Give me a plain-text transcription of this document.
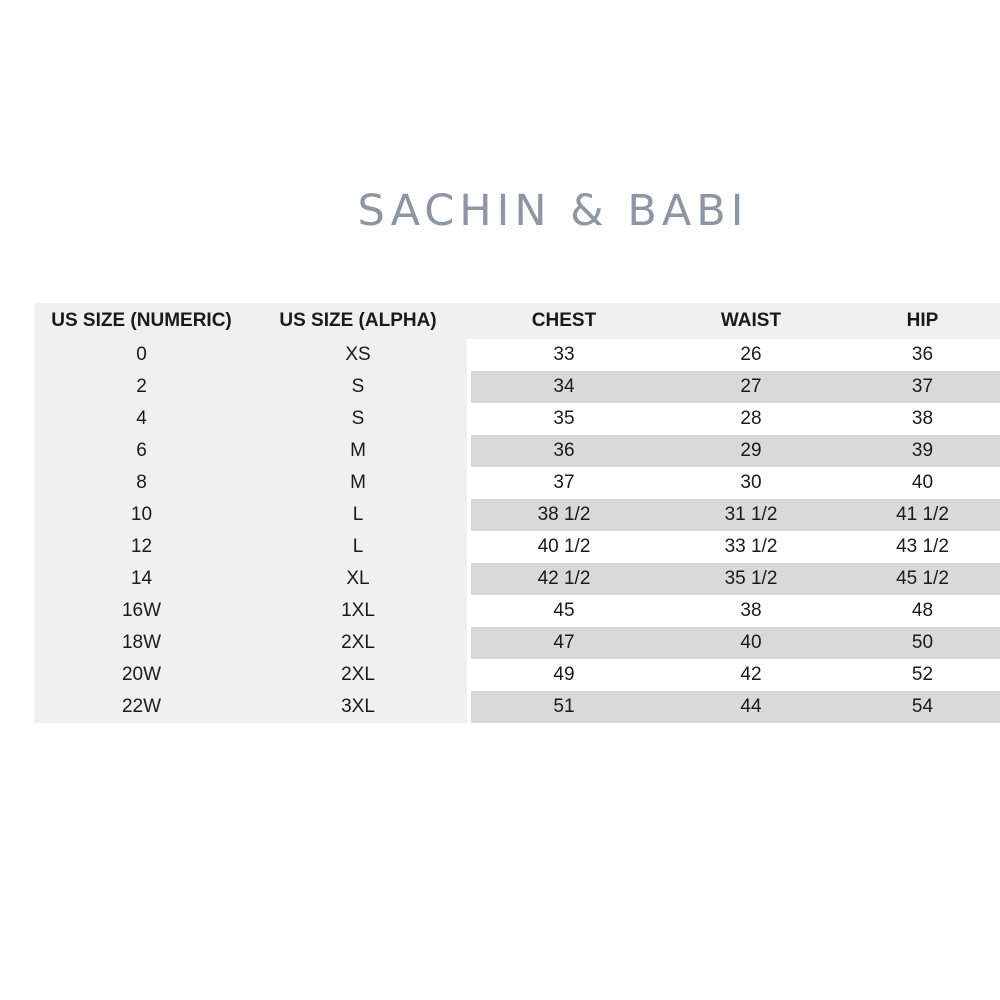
SACHIN & BABI
US SIZE (NUMERIC)	US SIZE (ALPHA)		CHEST	WAIST	HIP
0	XS		33	26	36
2	S		34	27	37
4	S		35	28	38
6	M		36	29	39
8	M		37	30	40
10	L		38 1/2	31 1/2	41 1/2
12	L		40 1/2	33 1/2	43 1/2
14	XL		42 1/2	35 1/2	45 1/2
16W	1XL		45	38	48
18W	2XL		47	40	50
20W	2XL		49	42	52
22W	3XL		51	44	54
